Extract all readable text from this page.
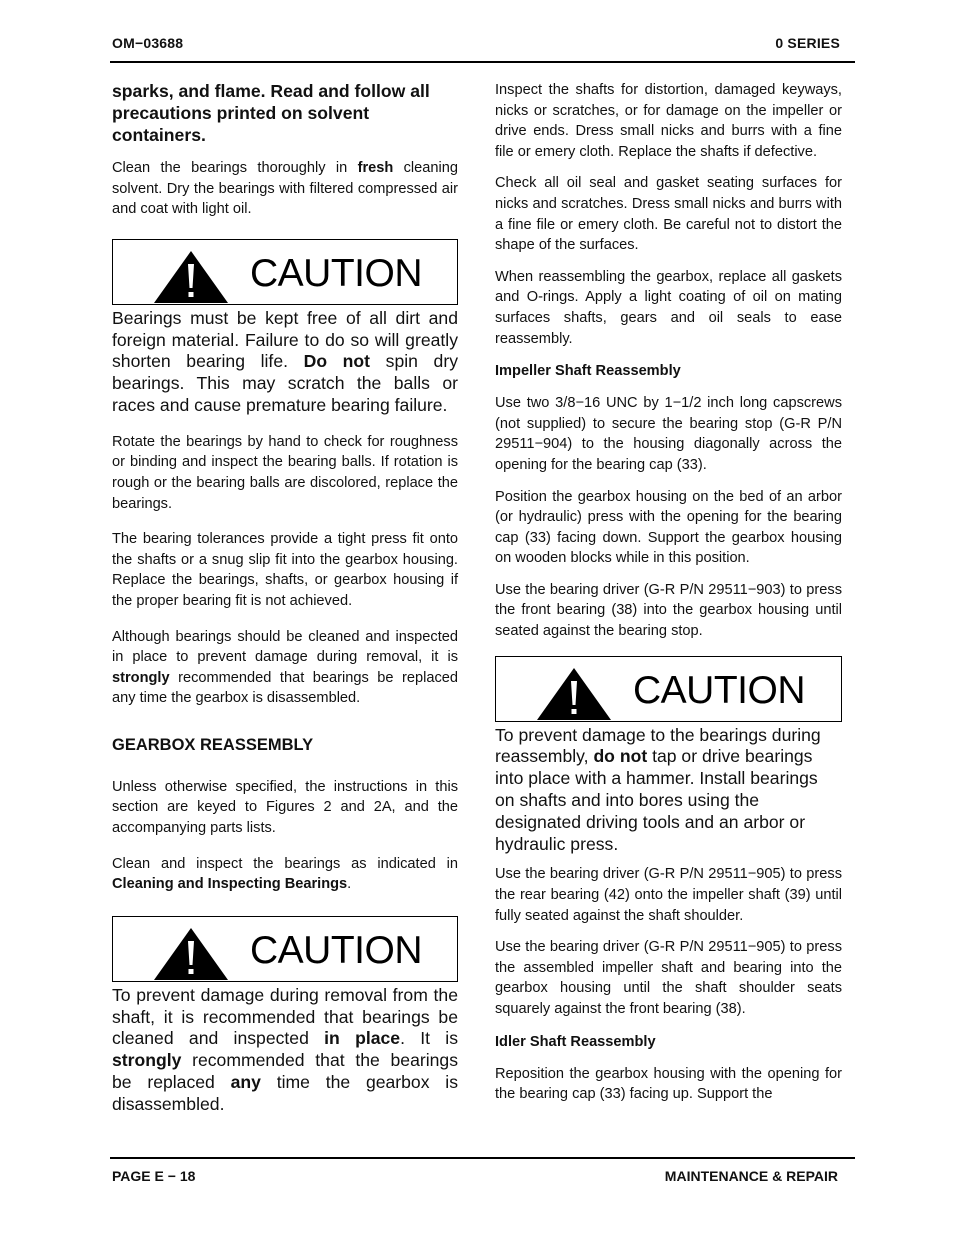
OM−03688	0 SERIES

sparks, and flame. Read and follow all precautions printed on solvent containers.

Clean the bearings thoroughly in fresh cleaning solvent. Dry the bearings with filtered compressed air and coat with light oil.

CAUTION

Bearings must be kept free of all dirt and foreign material. Failure to do so will greatly shorten bearing life. Do not spin dry bearings. This may scratch the balls or races and cause premature bearing failure.

Rotate the bearings by hand to check for roughness or binding and inspect the bearing balls. If rotation is rough or the bearing balls are discolored, replace the bearings.

The bearing tolerances provide a tight press fit onto the shafts or a snug slip fit into the gearbox housing. Replace the bearings, shafts, or gearbox housing if the proper bearing fit is not achieved.

Although bearings should be cleaned and inspected in place to prevent damage during removal, it is strongly recommended that bearings be replaced any time the gearbox is disassembled.

GEARBOX REASSEMBLY

Unless otherwise specified, the instructions in this section are keyed to Figures 2 and 2A, and the accompanying parts lists.

Clean and inspect the bearings as indicated in Cleaning and Inspecting Bearings.

CAUTION

To prevent damage during removal from the shaft, it is recommended that bearings be cleaned and inspected in place. It is strongly recommended that the bearings be replaced any time the gearbox is disassembled.

Inspect the shafts for distortion, damaged keyways, nicks or scratches, or for damage on the impeller or drive ends. Dress small nicks and burrs with a fine file or emery cloth. Replace the shafts if defective.

Check all oil seal and gasket seating surfaces for nicks and scratches. Dress small nicks and burrs with a fine file or emery cloth. Be careful not to distort the shape of the surfaces.

When reassembling the gearbox, replace all gaskets and O-rings. Apply a light coating of oil on mating surfaces shafts, gears and oil seals to ease reassembly.

Impeller Shaft Reassembly

Use two 3/8−16 UNC by 1−1/2 inch long capscrews (not supplied) to secure the bearing stop (G-R P/N 29511−904) to the housing diagonally across the opening for the bearing cap (33).

Position the gearbox housing on the bed of an arbor (or hydraulic) press with the opening for the bearing cap (33) facing down. Support the gearbox housing on wooden blocks while in this position.

Use the bearing driver (G-R P/N 29511−903) to press the front bearing (38) into the gearbox housing until seated against the bearing stop.

CAUTION

To prevent damage to the bearings during reassembly, do not tap or drive bearings into place with a hammer. Install bearings on shafts and into bores using the designated driving tools and an arbor or hydraulic press.

Use the bearing driver (G-R P/N 29511−905) to press the rear bearing (42) onto the impeller shaft (39) until fully seated against the shaft shoulder.

Use the bearing driver (G-R P/N 29511−905) to press the assembled impeller shaft and bearing into the gearbox housing until the shaft shoulder seats squarely against the front bearing (38).

Idler Shaft Reassembly

Reposition the gearbox housing with the opening for the bearing cap (33) facing up. Support the

PAGE E − 18	MAINTENANCE & REPAIR
